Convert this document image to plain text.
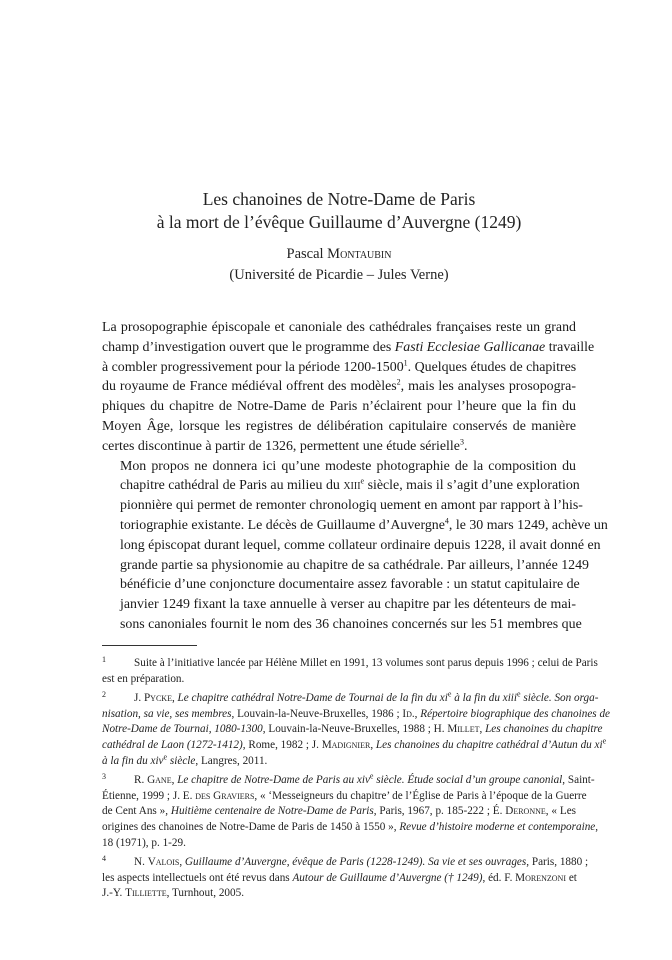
Les chanoines de Notre-Dame de Paris
à la mort de l’évêque Guillaume d’Auvergne (1249)
Pascal Montaubin
(Université de Picardie – Jules Verne)

La prosopographie épiscopale et canoniale des cathédrales françaises reste un grand
champ d’investigation ouvert que le programme des Fasti Ecclesiae Gallicanae travaille
à combler progressivement pour la période 1200-1500$^1$. Quelques études de chapitres
du royaume de France médiéval offrent des modèles$^2$, mais les analyses prosopogra-
phiques du chapitre de Notre-Dame de Paris n’éclairent pour l’heure que la fin du
Moyen Âge, lorsque les registres de délibération capitulaire conservés de manière
certes discontinue à partir de 1326, permettent une étude sérielle$^3$.

Mon propos ne donnera ici qu’une modeste photographie de la composition du
chapitre cathédral de Paris au milieu du xiii$^e$ siècle, mais il s’agit d’une exploration
pionnière qui permet de remonter chronologiq uement en amont par rapport à l’his-
toriographie existante. Le décès de Guillaume d’Auvergne$^4$, le 30 mars 1249, achève un
long épiscopat durant lequel, comme collateur ordinaire depuis 1228, il avait donné en
grande partie sa physionomie au chapitre de sa cathédrale. Par ailleurs, l’année 1249
bénéficie d’une conjoncture documentaire assez favorable : un statut capitulaire de
janvier 1249 fixant la taxe annuelle à verser au chapitre par les détenteurs de mai-
sons canoniales fournit le nom des 36 chanoines concernés sur les 51 membres que

1	Suite à l’initiative lancée par Hélène Millet en 1991, 13 volumes sont parus depuis 1996 ; celui de Paris
est en préparation.
2	J. Pycke, Le chapitre cathédral Notre-Dame de Tournai de la fin du $xi^e$ à la fin du xiii$^e$ siècle. Son orga-
nisation, sa vie, ses membres, Louvain-la-Neuve-Bruxelles, 1986 ; Id., Répertoire biographique des chanoines de
Notre-Dame de Tournai, 1080-1300, Louvain-la-Neuve-Bruxelles, 1988 ; H. Millet, Les chanoines du chapitre
cathédral de Laon (1272-1412), Rome, 1982 ; J. Madignier, Les chanoines du chapitre cathédral d’Autun du $xi^e$
à la fin du xiv$^e$ siècle, Langres, 2011.
3	R. Gane, Le chapitre de Notre-Dame de Paris au xiv$^e$ siècle. Étude social d’un groupe canonial, Saint-
Étienne, 1999 ; J. E. des Graviers, « ‘Messeigneurs du chapitre’ de l’Église de Paris à l’époque de la Guerre
de Cent Ans », Huitième centenaire de Notre-Dame de Paris, Paris, 1967, p. 185-222 ; É. Deronne, « Les
origines des chanoines de Notre-Dame de Paris de 1450 à 1550 », Revue d’histoire moderne et contemporaine,
18 (1971), p. 1-29.
4	N. Valois, Guillaume d’Auvergne, évêque de Paris (1228-1249). Sa vie et ses ouvrages, Paris, 1880 ;
les aspects intellectuels ont été revus dans Autour de Guillaume d’Auvergne († 1249), éd. F. Morenzoni et
J.-Y. Tilliette, Turnhout, 2005.
